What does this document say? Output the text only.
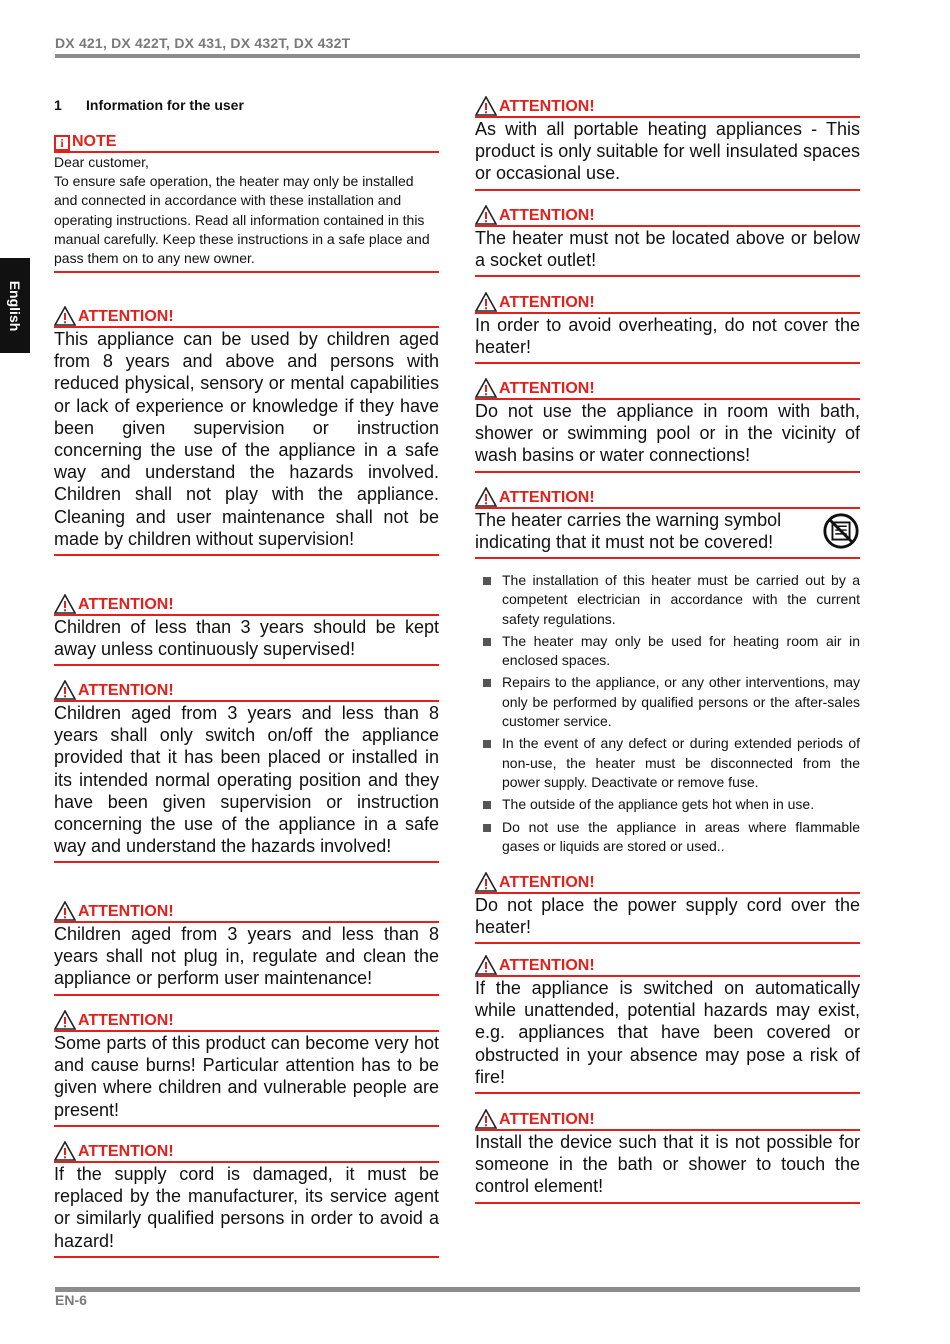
DX 421, DX 422T, DX 431, DX 432T, DX 432T
English
1 Information for the user
i NOTE

Dear customer,

To ensure safe operation, the heater may only be installed and connected in accordance with these installation and operating instructions. Read all information contained in this manual carefully. Keep these instructions in a safe place and pass them on to any new owner.

ATTENTION!

This appliance can be used by children aged from 8 years and above and persons with reduced physical, sensory or mental capabilities or lack of experience or knowledge if they have been given supervision or instruction concerning the use of the appliance in a safe way and understand the hazards involved. Children shall not play with the appliance. Cleaning and user maintenance shall not be made by children without supervision!

ATTENTION!

Children of less than 3 years should be kept away unless continuously supervised!

ATTENTION!

Children aged from 3 years and less than 8 years shall only switch on/off the appliance provided that it has been placed or installed in its intended normal operating position and they have been given supervision or instruction concerning the use of the appliance in a safe way and understand the hazards involved!

ATTENTION!

Children aged from 3 years and less than 8 years shall not plug in, regulate and clean the appliance or perform user maintenance!

ATTENTION!

Some parts of this product can become very hot and cause burns! Particular attention has to be given where children and vulnerable people are present!

ATTENTION!

If the supply cord is damaged, it must be replaced by the manufacturer, its service agent or similarly qualified persons in order to avoid a hazard!

ATTENTION!

As with all portable heating appliances - This product is only suitable for well insulated spaces or occasional use.

ATTENTION!

The heater must not be located above or below a socket outlet!

ATTENTION!

In order to avoid overheating, do not cover the heater!

ATTENTION!

Do not use the appliance in room with bath, shower or swimming pool or in the vicinity of wash basins or water connections!

ATTENTION!

The heater carries the warning symbol indicating that it must not be covered!

The installation of this heater must be carried out by a competent electrician in accordance with the current safety regulations.
The heater may only be used for heating room air in enclosed spaces.
Repairs to the appliance, or any other interventions, may only be performed by qualified persons or the after-sales customer service.
In the event of any defect or during extended periods of non-use, the heater must be disconnected from the power supply. Deactivate or remove fuse.
The outside of the appliance gets hot when in use.
Do not use the appliance in areas where flammable gases or liquids are stored or used..
ATTENTION!

Do not place the power supply cord over the heater!

ATTENTION!

If the appliance is switched on automatically while unattended, potential hazards may exist, e.g. appliances that have been covered or obstructed in your absence may pose a risk of fire!

ATTENTION!

Install the device such that it is not possible for someone in the bath or shower to touch the control element!

EN-6
